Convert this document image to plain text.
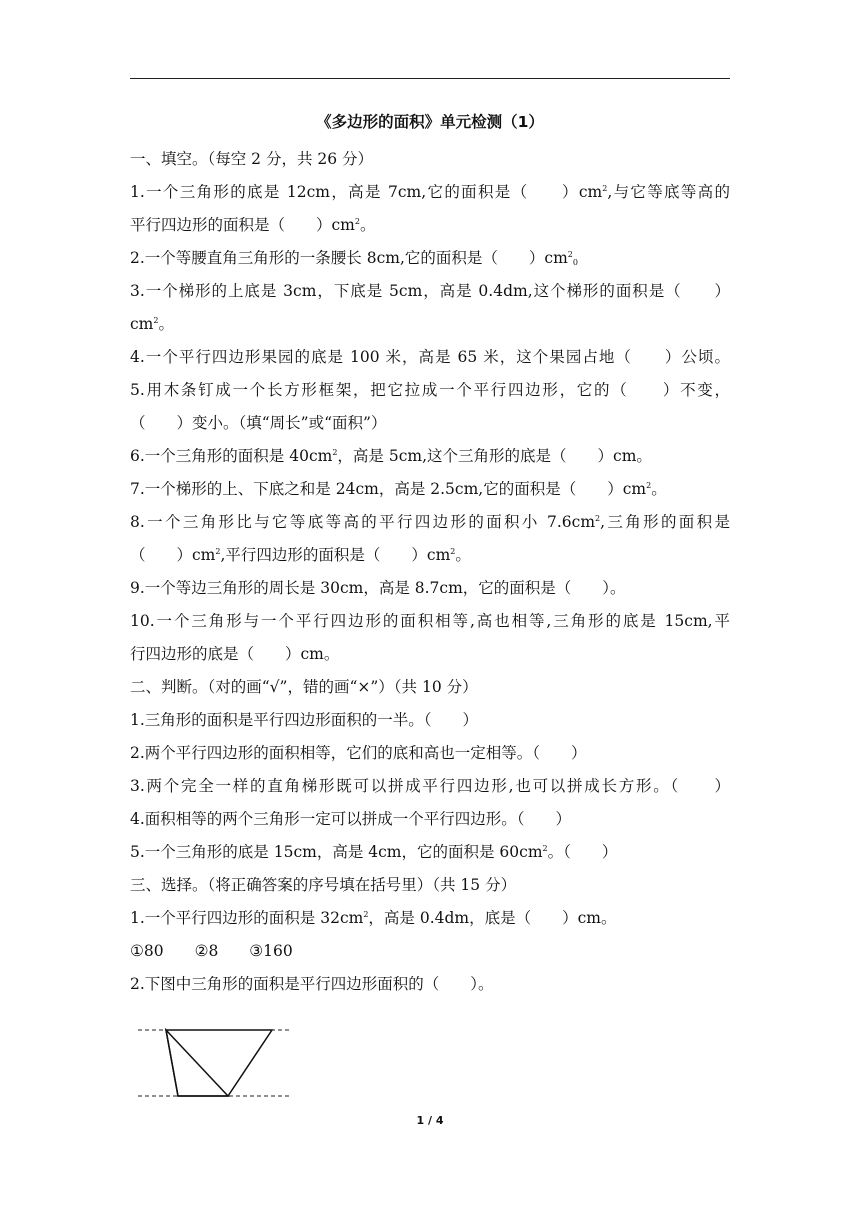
《多边形的面积》单元检测（1）
一、填空。（每空 2 分，共 26 分）
1.一个三角形的底是 12cm，高是 7cm,它的面积是（　　）$cm^2$,与它等底等高的
平行四边形的面积是（　　）$cm^2$。
2.一个等腰直角三角形的一条腰长 8cm,它的面积是（　　）$cm^2_0$
3.一个梯形的上底是 3cm，下底是 5cm，高是 0.4dm,这个梯形的面积是（　　）
$cm^2$。
4.一个平行四边形果园的底是 100 米，高是 65 米，这个果园占地（　　）公顷。
5.用木条钉成一个长方形框架，把它拉成一个平行四边形，它的（　　）不变，
（　　）变小。（填“周长”或“面积”）
6.一个三角形的面积是 $40cm^2$，高是 5cm,这个三角形的底是（　　）cm。
7.一个梯形的上、下底之和是 24cm，高是 2.5cm,它的面积是（　　）$cm^2$。
8.一个三角形比与它等底等高的平行四边形的面积小 $7.6cm^2$,三角形的面积是
（　　）$cm^2$,平行四边形的面积是（　　）$cm^2$。
9.一个等边三角形的周长是 30cm，高是 8.7cm，它的面积是（　　）。
10.一个三角形与一个平行四边形的面积相等,高也相等,三角形的底是 15cm,平
行四边形的底是（　　）cm。
二、判断。（对的画“√”，错的画“×”）（共 10 分）
1.三角形的面积是平行四边形面积的一半。（　　）
2.两个平行四边形的面积相等，它们的底和高也一定相等。（　　）
3.两个完全一样的直角梯形既可以拼成平行四边形,也可以拼成长方形。（　　）
4.面积相等的两个三角形一定可以拼成一个平行四边形。（　　）
5.一个三角形的底是 15cm，高是 4cm，它的面积是 $60cm^2$。（　　）
三、选择。（将正确答案的序号填在括号里）（共 15 分）
1.一个平行四边形的面积是 $32cm^2$，高是 0.4dm，底是（　　）cm。
①80 ②8 ③160
2.下图中三角形的面积是平行四边形面积的（　　）。
1 / 4
